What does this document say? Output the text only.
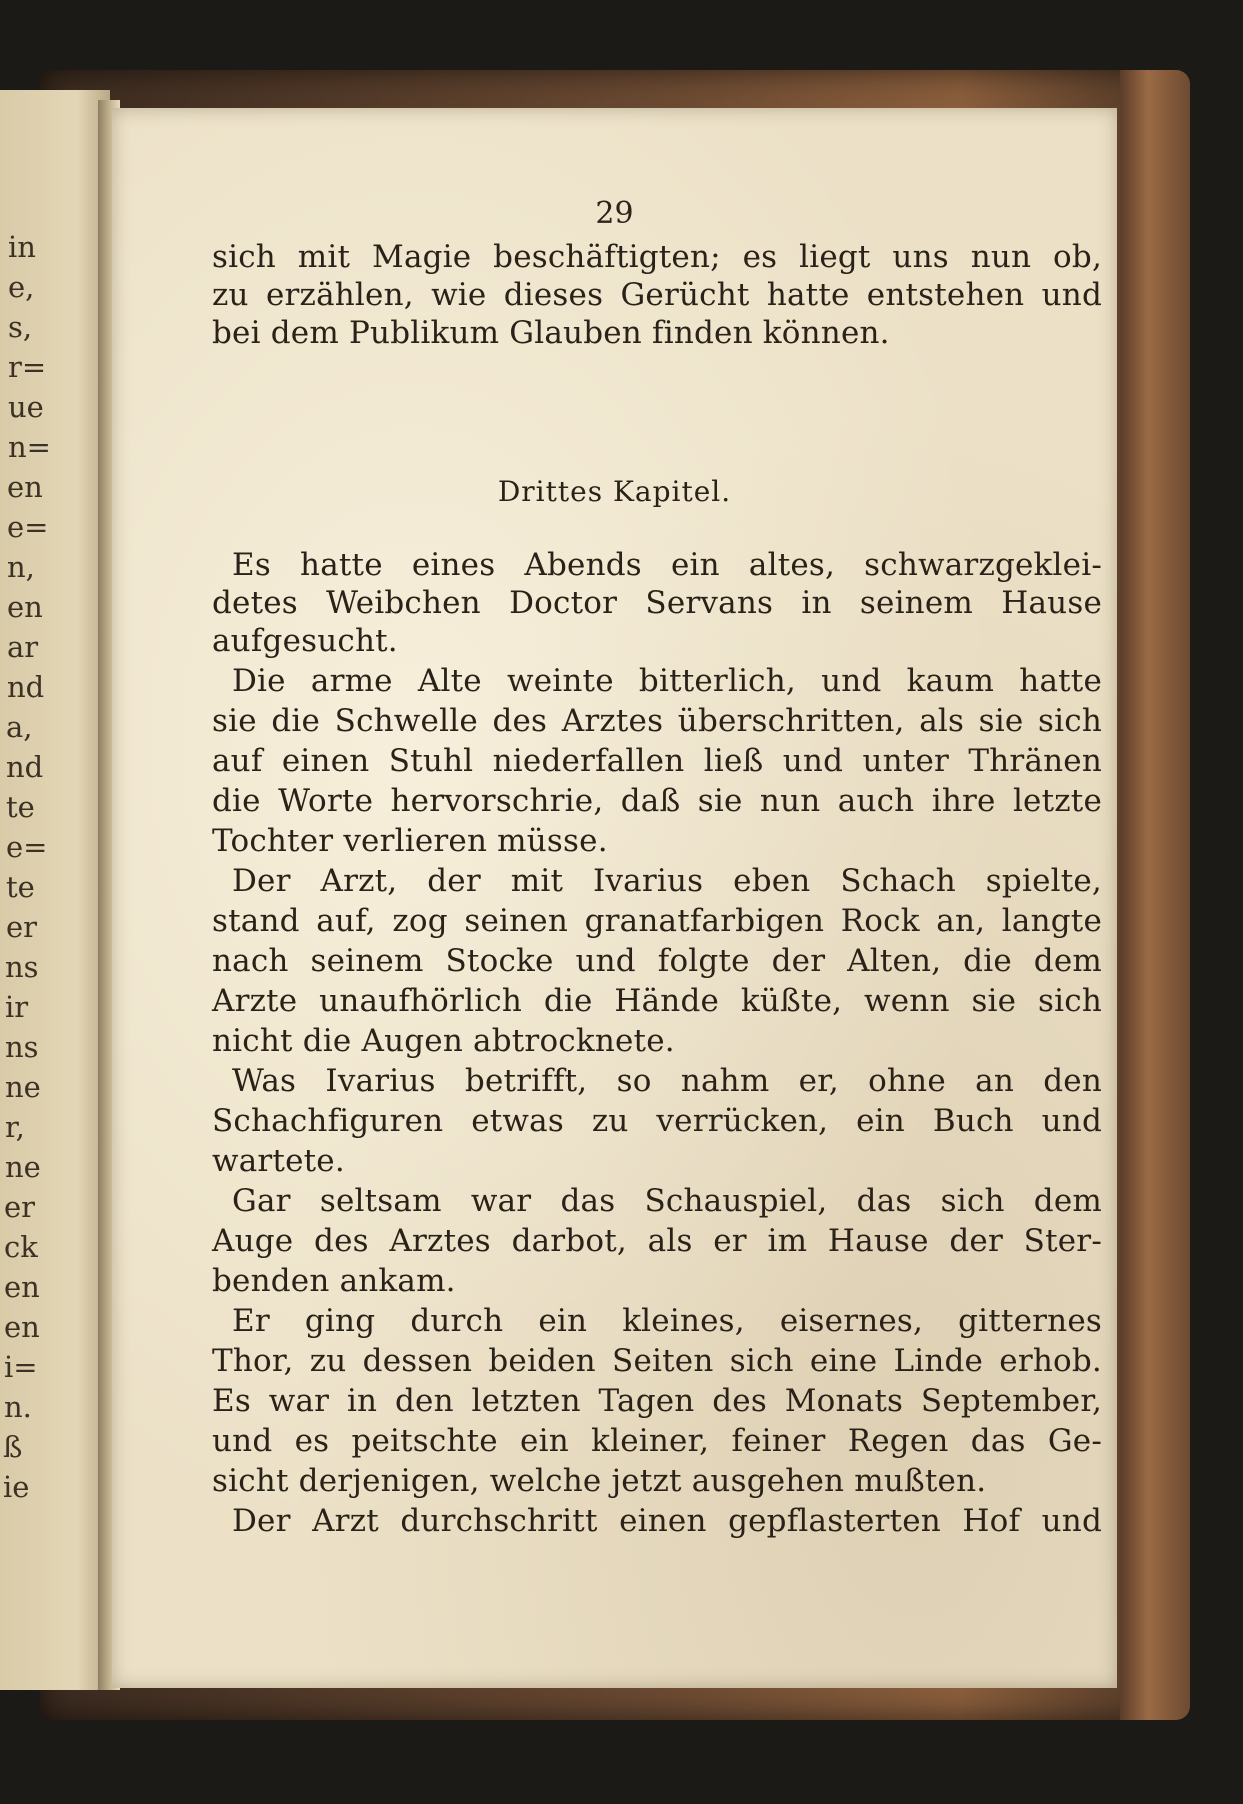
in
e,
s,
r=
ue
n=
en
e=
n,
en
ar
nd
a,
nd
te
e=
te
er
ns
ir
ns
ne
r,
ne
er
ck
en
en
i=
n.
ß
ie
29
sich mit Magie beschäftigten; es liegt uns nun ob,
zu erzählen, wie dieses Gerücht hatte entstehen und
bei dem Publikum Glauben finden können.
Drittes Kapitel.
Es hatte eines Abends ein altes, schwarzgeklei-
detes Weibchen Doctor Servans in seinem Hause
aufgesucht.
Die arme Alte weinte bitterlich, und kaum hatte
sie die Schwelle des Arztes überschritten, als sie sich
auf einen Stuhl niederfallen ließ und unter Thränen
die Worte hervorschrie, daß sie nun auch ihre letzte
Tochter verlieren müsse.
Der Arzt, der mit Ivarius eben Schach spielte,
stand auf, zog seinen granatfarbigen Rock an, langte
nach seinem Stocke und folgte der Alten, die dem
Arzte unaufhörlich die Hände küßte, wenn sie sich
nicht die Augen abtrocknete.
Was Ivarius betrifft, so nahm er, ohne an den
Schachfiguren etwas zu verrücken, ein Buch und
wartete.
Gar seltsam war das Schauspiel, das sich dem
Auge des Arztes darbot, als er im Hause der Ster-
benden ankam.
Er ging durch ein kleines, eisernes, gitternes
Thor, zu dessen beiden Seiten sich eine Linde erhob.
Es war in den letzten Tagen des Monats September,
und es peitschte ein kleiner, feiner Regen das Ge-
sicht derjenigen, welche jetzt ausgehen mußten.
Der Arzt durchschritt einen gepflasterten Hof und
